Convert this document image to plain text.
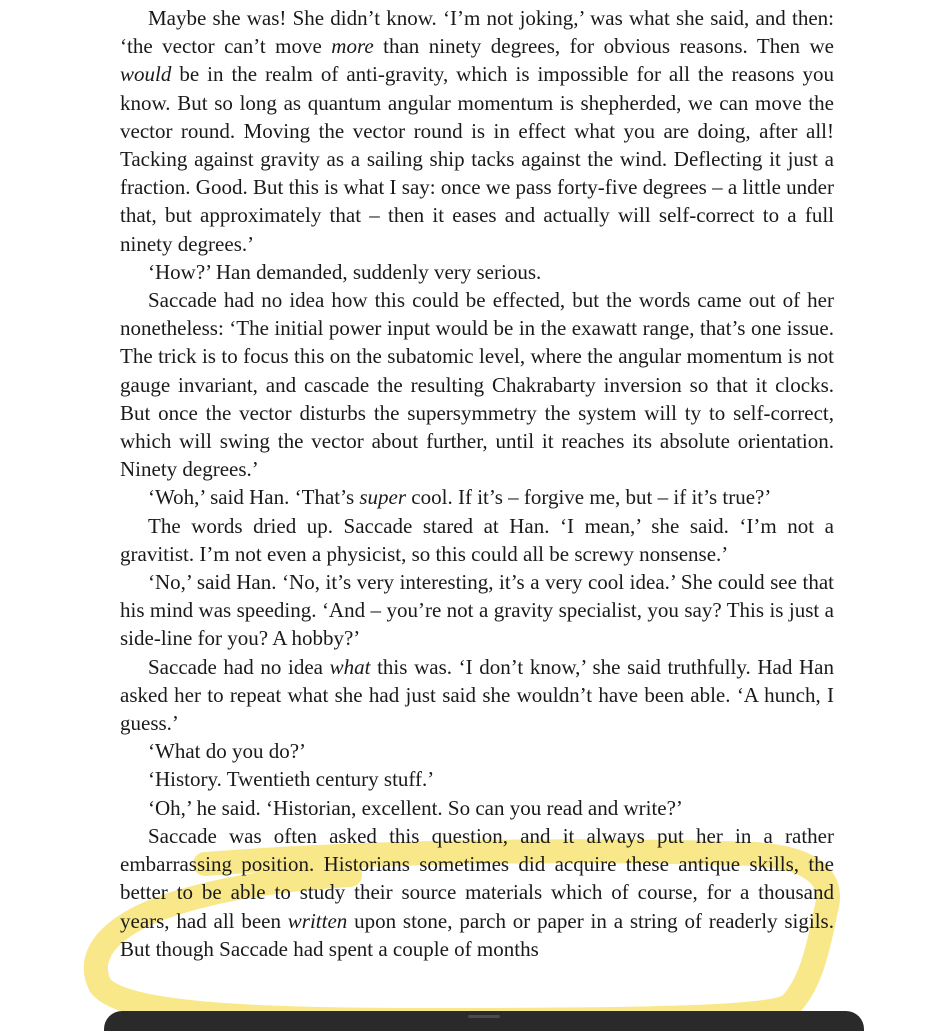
Maybe she was! She didn’t know. ‘I’m not joking,’ was what she said, and then: ‘the vector can’t move more than ninety degrees, for obvious reasons. Then we would be in the realm of anti-gravity, which is impossible for all the reasons you know. But so long as quantum angular momentum is shepherded, we can move the vector round. Moving the vector round is in effect what you are doing, after all! Tacking against gravity as a sailing ship tacks against the wind. Deflecting it just a fraction. Good. But this is what I say: once we pass forty-five degrees – a little under that, but approximately that – then it eases and actually will self-correct to a full ninety degrees.’

‘How?’ Han demanded, suddenly very serious.

Saccade had no idea how this could be effected, but the words came out of her nonetheless: ‘The initial power input would be in the exawatt range, that’s one issue. The trick is to focus this on the subatomic level, where the angular momentum is not gauge invariant, and cascade the resulting Chakrabarty inversion so that it clocks. But once the vector disturbs the supersymmetry the system will ty to self-correct, which will swing the vector about further, until it reaches its absolute orientation. Ninety degrees.’

‘Woh,’ said Han. ‘That’s super cool. If it’s – forgive me, but – if it’s true?’

The words dried up. Saccade stared at Han. ‘I mean,’ she said. ‘I’m not a gravitist. I’m not even a physicist, so this could all be screwy nonsense.’

‘No,’ said Han. ‘No, it’s very interesting, it’s a very cool idea.’ She could see that his mind was speeding. ‘And – you’re not a gravity specialist, you say? This is just a side-line for you? A hobby?’

Saccade had no idea what this was. ‘I don’t know,’ she said truthfully. Had Han asked her to repeat what she had just said she wouldn’t have been able. ‘A hunch, I guess.’

‘What do you do?’

‘History. Twentieth century stuff.’

‘Oh,’ he said. ‘Historian, excellent. So can you read and write?’

Saccade was often asked this question, and it always put her in a rather embarrassing position. Historians sometimes did acquire these antique skills, the better to be able to study their source materials which of course, for a thousand years, had all been written upon stone, parch or paper in a string of readerly sigils. But though Saccade had spent a couple of months
